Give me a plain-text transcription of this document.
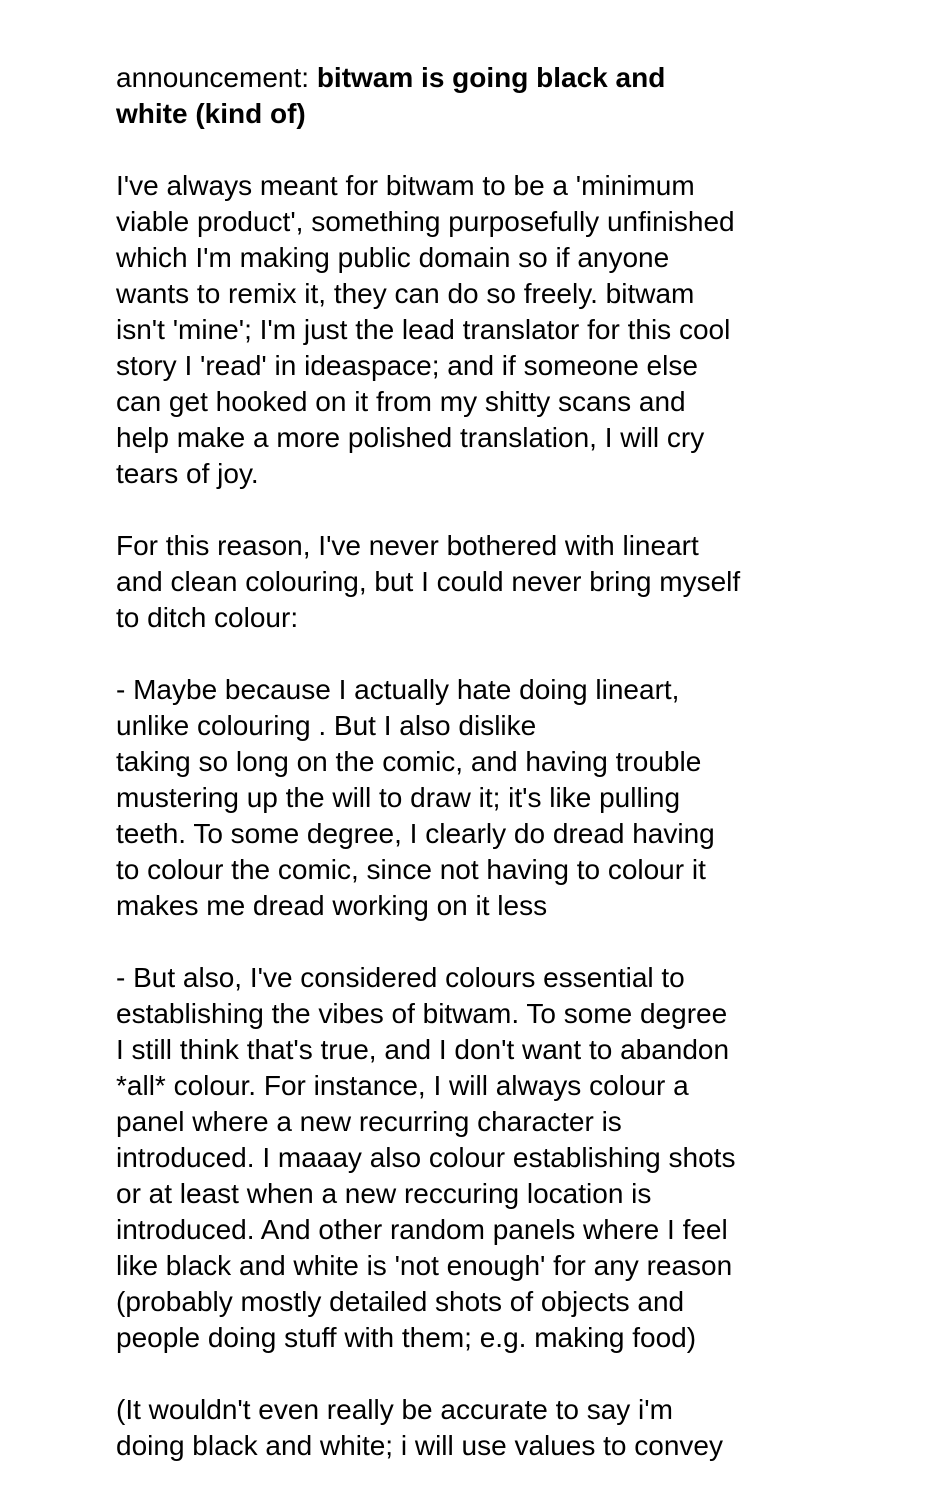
announcement: bitwam is going black and
white (kind of)

I've always meant for bitwam to be a 'minimum
viable product', something purposefully unfinished
which I'm making public domain so if anyone
wants to remix it, they can do so freely. bitwam
isn't 'mine'; I'm just the lead translator for this cool
story I 'read' in ideaspace; and if someone else
can get hooked on it from my shitty scans and
help make a more polished translation, I will cry
tears of joy.

For this reason, I've never bothered with lineart
and clean colouring, but I could never bring myself
to ditch colour:

- Maybe because I actually hate doing lineart,
unlike colouring . But I also dislike
taking so long on the comic, and having trouble
mustering up the will to draw it; it's like pulling
teeth. To some degree, I clearly do dread having
to colour the comic, since not having to colour it
makes me dread working on it less

- But also, I've considered colours essential to
establishing the vibes of bitwam. To some degree
I still think that's true, and I don't want to abandon
*all* colour. For instance, I will always colour a
panel where a new recurring character is
introduced. I maaay also colour establishing shots
or at least when a new reccuring location is
introduced. And other random panels where I feel
like black and white is 'not enough' for any reason
(probably mostly detailed shots of objects and
people doing stuff with them; e.g. making food)

(It wouldn't even really be accurate to say i'm
doing black and white; i will use values to convey
